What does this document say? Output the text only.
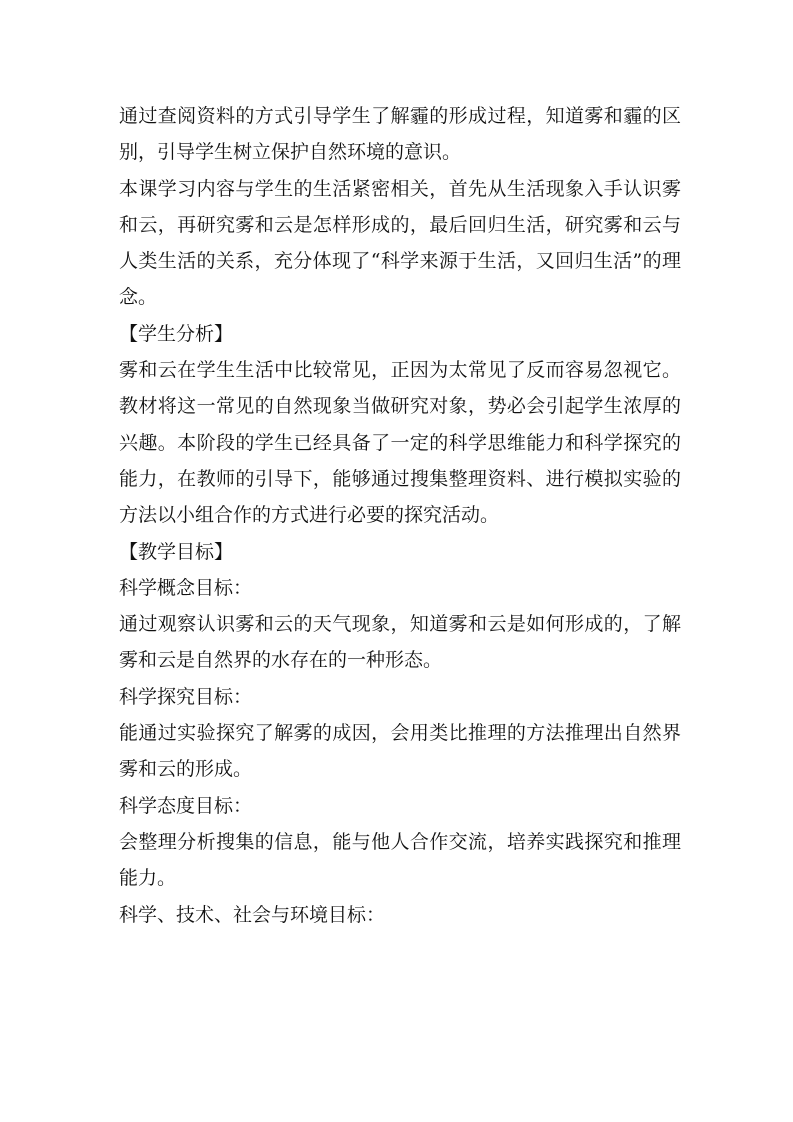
通过查阅资料的方式引导学生了解霾的形成过程，知道雾和霾的区别，引导学生树立保护自然环境的意识。

本课学习内容与学生的生活紧密相关，首先从生活现象入手认识雾和云，再研究雾和云是怎样形成的，最后回归生活，研究雾和云与人类生活的关系，充分体现了“科学来源于生活，又回归生活”的理念。

【学生分析】

雾和云在学生生活中比较常见，正因为太常见了反而容易忽视它。教材将这一常见的自然现象当做研究对象，势必会引起学生浓厚的兴趣。本阶段的学生已经具备了一定的科学思维能力和科学探究的能力，在教师的引导下，能够通过搜集整理资料、进行模拟实验的方法以小组合作的方式进行必要的探究活动。

【教学目标】

科学概念目标：

通过观察认识雾和云的天气现象，知道雾和云是如何形成的，了解雾和云是自然界的水存在的一种形态。

科学探究目标：

能通过实验探究了解雾的成因，会用类比推理的方法推理出自然界雾和云的形成。

科学态度目标：

会整理分析搜集的信息，能与他人合作交流，培养实践探究和推理能力。

科学、技术、社会与环境目标：
